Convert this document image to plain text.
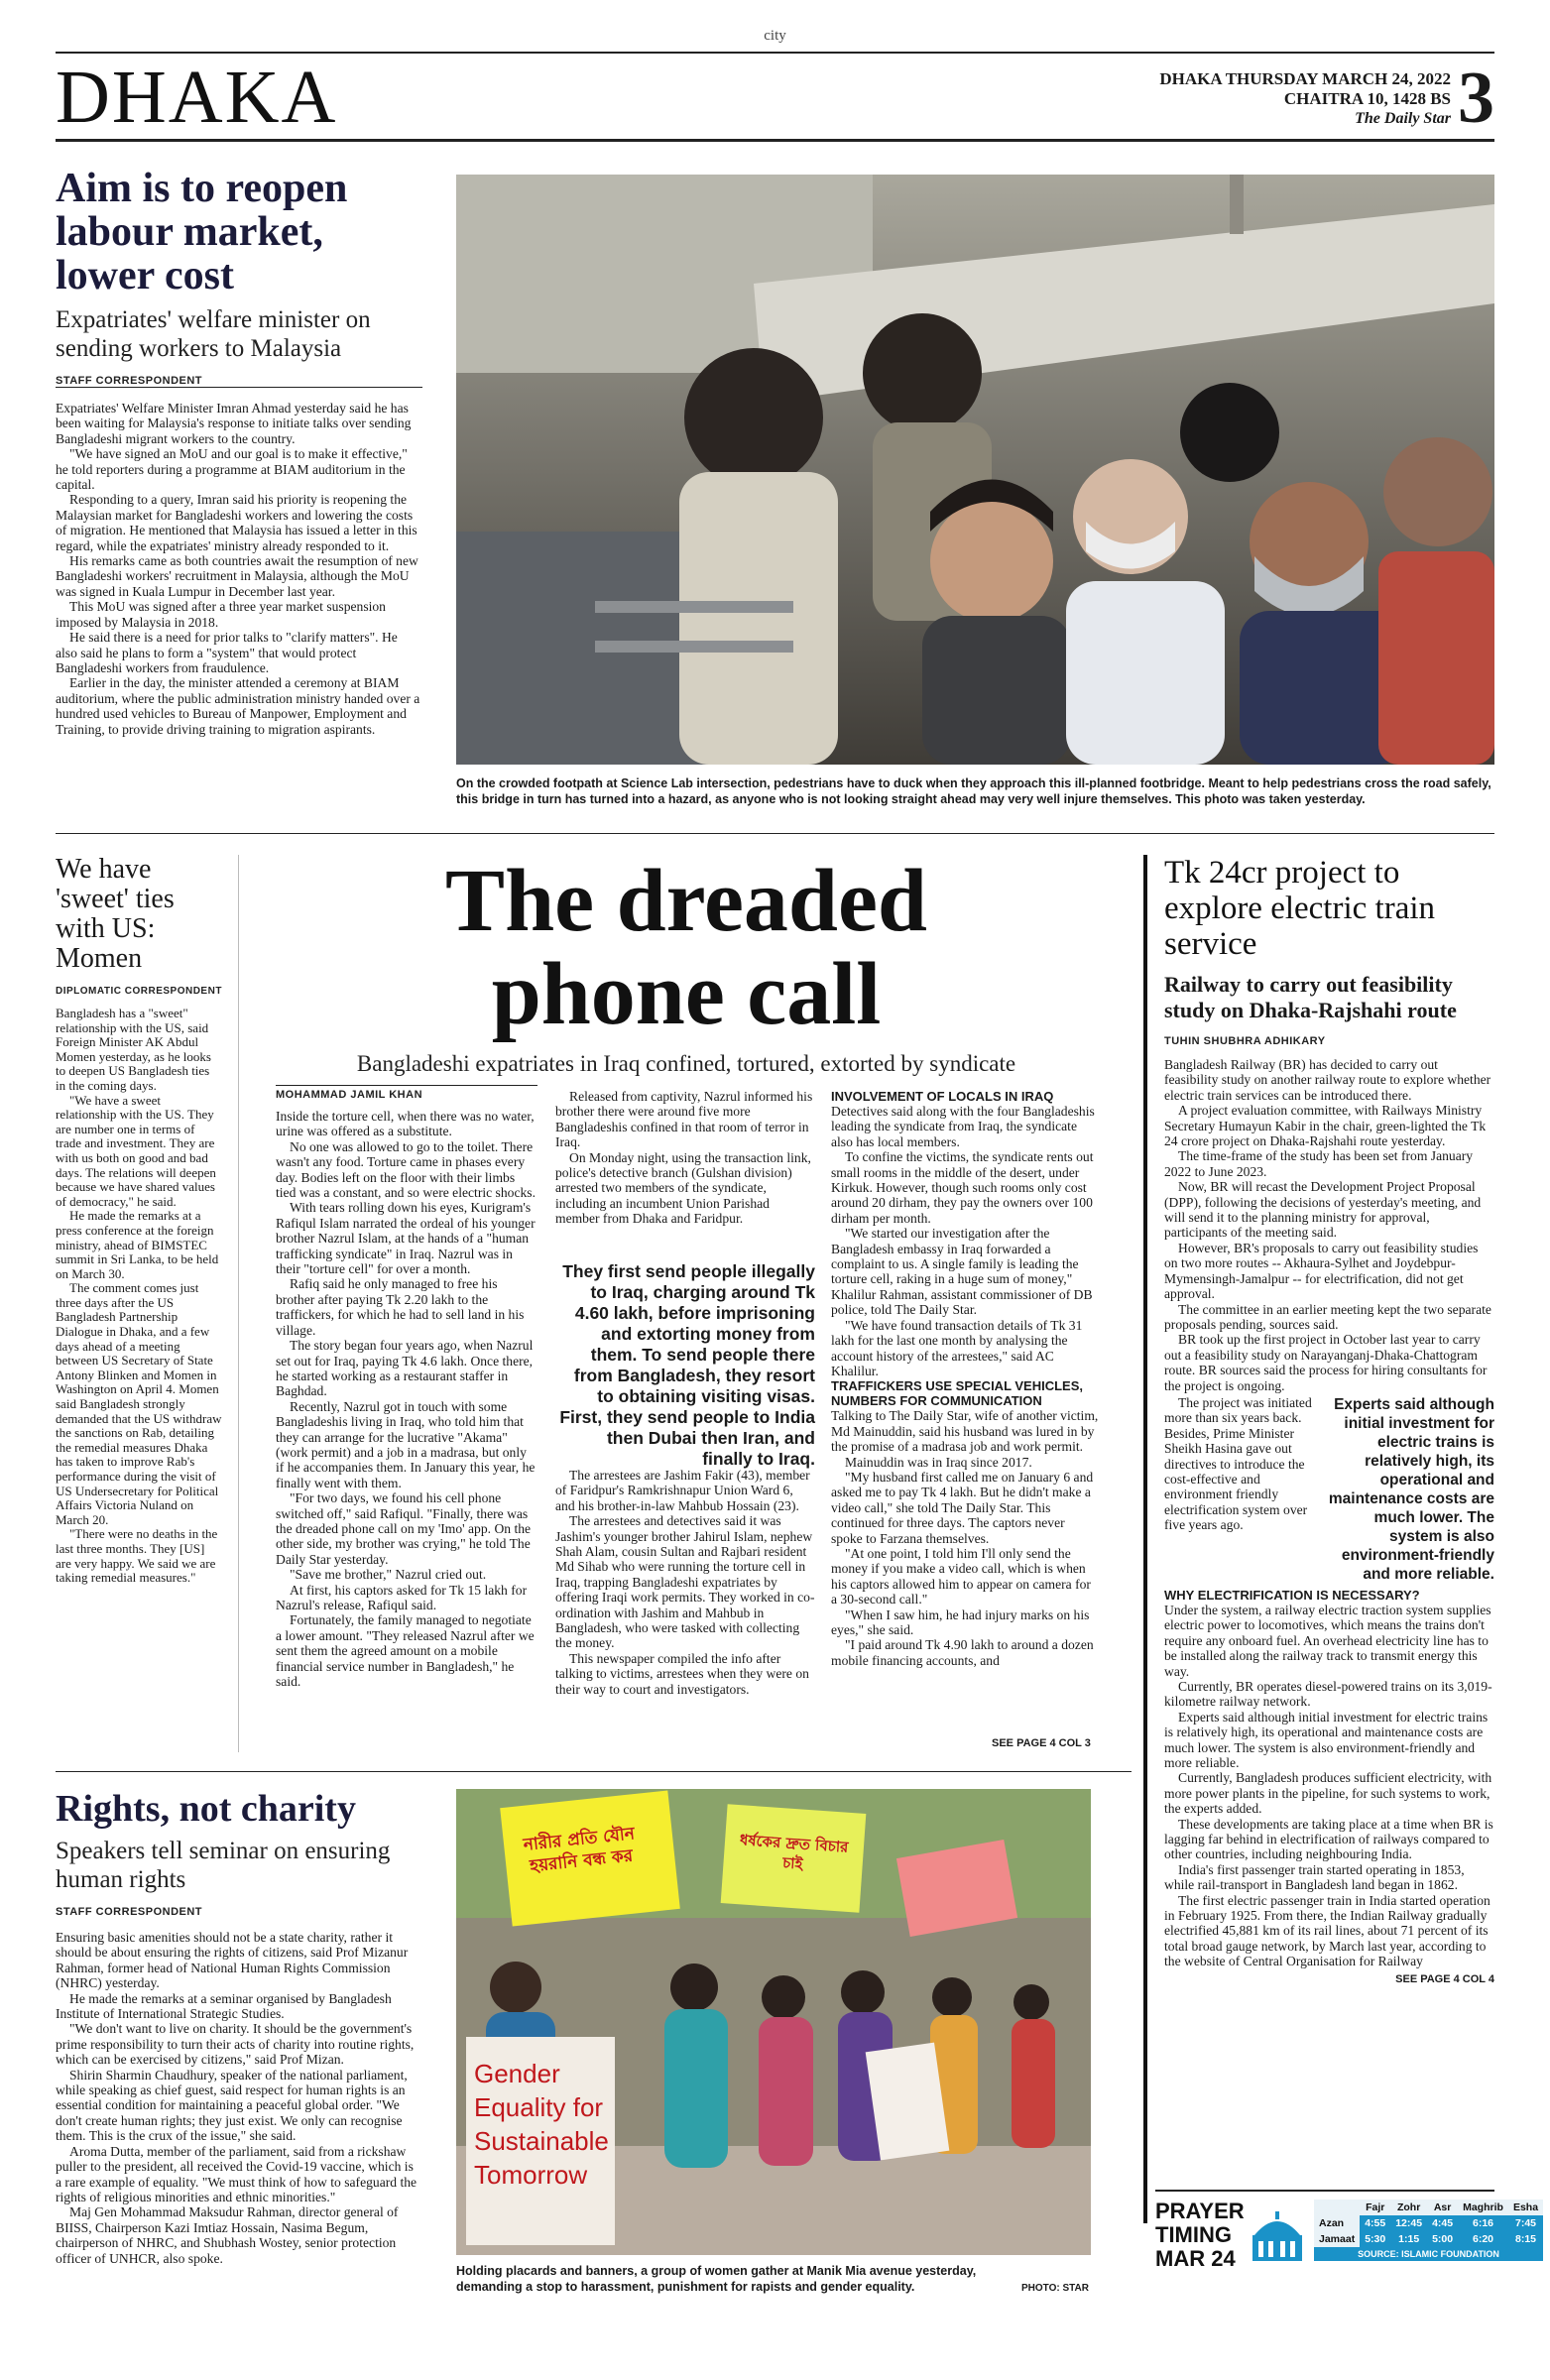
city
DHAKA	DHAKA THURSDAY MARCH 24, 2022
CHAITRA 10, 1428 BS
The Daily Star 3
Aim is to reopen labour market, lower cost
Expatriates' welfare minister on sending workers to Malaysia
STAFF CORRESPONDENT

Expatriates' Welfare Minister Imran Ahmad yesterday said he has been waiting for Malaysia's response to initiate talks over sending Bangladeshi migrant workers to the country.

"We have signed an MoU and our goal is to make it effective," he told reporters during a programme at BIAM auditorium in the capital.

Responding to a query, Imran said his priority is reopening the Malaysian market for Bangladeshi workers and lowering the costs of migration. He mentioned that Malaysia has issued a letter in this regard, while the expatriates' ministry already responded to it.

His remarks came as both countries await the resumption of new Bangladeshi workers' recruitment in Malaysia, although the MoU was signed in Kuala Lumpur in December last year.

This MoU was signed after a three year market suspension imposed by Malaysia in 2018.

He said there is a need for prior talks to "clarify matters". He also said he plans to form a "system" that would protect Bangladeshi workers from fraudulence.

Earlier in the day, the minister attended a ceremony at BIAM auditorium, where the public administration ministry handed over a hundred used vehicles to Bureau of Manpower, Employment and Training, to provide driving training to migration aspirants.

PHOTO: RASHED SHUMON
On the crowded footpath at Science Lab intersection, pedestrians have to duck when they approach this ill-planned footbridge. Meant to help pedestrians cross the road safely, this bridge in turn has turned into a hazard, as anyone who is not looking straight ahead may very well injure themselves. This photo was taken yesterday.
We have 'sweet' ties with US: Momen
DIPLOMATIC CORRESPONDENT

Bangladesh has a "sweet" relationship with the US, said Foreign Minister AK Abdul Momen yesterday, as he looks to deepen US Bangladesh ties in the coming days.

"We have a sweet relationship with the US. They are number one in terms of trade and investment. They are with us both on good and bad days. The relations will deepen because we have shared values of democracy," he said.

He made the remarks at a press conference at the foreign ministry, ahead of BIMSTEC summit in Sri Lanka, to be held on March 30.

The comment comes just three days after the US Bangladesh Partnership Dialogue in Dhaka, and a few days ahead of a meeting between US Secretary of State Antony Blinken and Momen in Washington on April 4. Momen said Bangladesh strongly demanded that the US withdraw the sanctions on Rab, detailing the remedial measures Dhaka has taken to improve Rab's performance during the visit of US Undersecretary for Political Affairs Victoria Nuland on March 20.

"There were no deaths in the last three months. They [US] are very happy. We said we are taking remedial measures."

The dreaded
phone call
Bangladeshi expatriates in Iraq confined, tortured, extorted by syndicate
MOHAMMAD JAMIL KHAN

Inside the torture cell, when there was no water, urine was offered as a substitute.

No one was allowed to go to the toilet. There wasn't any food. Torture came in phases every day. Bodies left on the floor with their limbs tied was a constant, and so were electric shocks.

With tears rolling down his eyes, Kurigram's Rafiqul Islam narrated the ordeal of his younger brother Nazrul Islam, at the hands of a "human trafficking syndicate" in Iraq. Nazrul was in their "torture cell" for over a month.

Rafiq said he only managed to free his brother after paying Tk 2.20 lakh to the traffickers, for which he had to sell land in his village.

The story began four years ago, when Nazrul set out for Iraq, paying Tk 4.6 lakh. Once there, he started working as a restaurant staffer in Baghdad.

Recently, Nazrul got in touch with some Bangladeshis living in Iraq, who told him that they can arrange for the lucrative "Akama" (work permit) and a job in a madrasa, but only if he accompanies them. In January this year, he finally went with them.

"For two days, we found his cell phone switched off," said Rafiqul. "Finally, there was the dreaded phone call on my 'Imo' app. On the other side, my brother was crying," he told The Daily Star yesterday.

"Save me brother," Nazrul cried out.

At first, his captors asked for Tk 15 lakh for Nazrul's release, Rafiqul said.

Fortunately, the family managed to negotiate a lower amount. "They released Nazrul after we sent them the agreed amount on a mobile financial service number in Bangladesh," he said.

Released from captivity, Nazrul informed his brother there were around five more Bangladeshis confined in that room of terror in Iraq.

On Monday night, using the transaction link, police's detective branch (Gulshan division) arrested two members of the syndicate, including an incumbent Union Parishad member from Dhaka and Faridpur.

They first send people illegally to Iraq, charging around Tk 4.60 lakh, before imprisoning and extorting money from them. To send people there from Bangladesh, they resort to obtaining visiting visas. First, they send people to India then Dubai then Iran, and finally to Iraq.

The arrestees are Jashim Fakir (43), member of Faridpur's Ramkrishnapur Union Ward 6, and his brother-in-law Mahbub Hossain (23).

The arrestees and detectives said it was Jashim's younger brother Jahirul Islam, nephew Shah Alam, cousin Sultan and Rajbari resident Md Sihab who were running the torture cell in Iraq, trapping Bangladeshi expatriates by offering Iraqi work permits. They worked in co-ordination with Jashim and Mahbub in Bangladesh, who were tasked with collecting the money.

This newspaper compiled the info after talking to victims, arrestees when they were on their way to court and investigators.

INVOLVEMENT OF LOCALS IN IRAQ

Detectives said along with the four Bangladeshis leading the syndicate from Iraq, the syndicate also has local members.

To confine the victims, the syndicate rents out small rooms in the middle of the desert, under Kirkuk. However, though such rooms only cost around 20 dirham, they pay the owners over 100 dirham per month.

"We started our investigation after the Bangladesh embassy in Iraq forwarded a complaint to us. A single family is leading the torture cell, raking in a huge sum of money," Khalilur Rahman, assistant commissioner of DB police, told The Daily Star.

"We have found transaction details of Tk 31 lakh for the last one month by analysing the account history of the arrestees," said AC Khalilur.

TRAFFICKERS USE SPECIAL VEHICLES, NUMBERS FOR COMMUNICATION

Talking to The Daily Star, wife of another victim, Md Mainuddin, said his husband was lured in by the promise of a madrasa job and work permit.

Mainuddin was in Iraq since 2017.

"My husband first called me on January 6 and asked me to pay Tk 4 lakh. But he didn't make a video call," she told The Daily Star. This continued for three days. The captors never spoke to Farzana themselves.

"At one point, I told him I'll only send the money if you make a video call, which is when his captors allowed him to appear on camera for a 30-second call."

"When I saw him, he had injury marks on his eyes," she said.

"I paid around Tk 4.90 lakh to around a dozen mobile financing accounts, and

SEE PAGE 4 COL 3
Tk 24cr project to explore electric train service
Railway to carry out feasibility study on Dhaka-Rajshahi route
TUHIN SHUBHRA ADHIKARY

Bangladesh Railway (BR) has decided to carry out feasibility study on another railway route to explore whether electric train services can be introduced there.

A project evaluation committee, with Railways Ministry Secretary Humayun Kabir in the chair, green-lighted the Tk 24 crore project on Dhaka-Rajshahi route yesterday.

The time-frame of the study has been set from January 2022 to June 2023.

Now, BR will recast the Development Project Proposal (DPP), following the decisions of yesterday's meeting, and will send it to the planning ministry for approval, participants of the meeting said.

However, BR's proposals to carry out feasibility studies on two more routes -- Akhaura-Sylhet and Joydebpur-Mymensingh-Jamalpur -- for electrification, did not get approval.

The committee in an earlier meeting kept the two separate proposals pending, sources said.

BR took up the first project in October last year to carry out a feasibility study on Narayanganj-Dhaka-Chattogram route. BR sources said the process for hiring consultants for the project is ongoing.

The project was initiated more than six years back. Besides, Prime Minister Sheikh Hasina gave out directives to introduce the cost-effective and environment friendly electrification system over five years ago.

Experts said although initial investment for electric trains is relatively high, its operational and maintenance costs are much lower. The system is also environment-friendly and more reliable.
WHY ELECTRIFICATION IS NECESSARY?

Under the system, a railway electric traction system supplies electric power to locomotives, which means the trains don't require any onboard fuel. An overhead electricity line has to be installed along the railway track to transmit energy this way.

Currently, BR operates diesel-powered trains on its 3,019-kilometre railway network.

Experts said although initial investment for electric trains is relatively high, its operational and maintenance costs are much lower. The system is also environment-friendly and more reliable.

Currently, Bangladesh produces sufficient electricity, with more power plants in the pipeline, for such systems to work, the experts added.

These developments are taking place at a time when BR is lagging far behind in electrification of railways compared to other countries, including neighbouring India.

India's first passenger train started operating in 1853, while rail-transport in Bangladesh land began in 1862.

The first electric passenger train in India started operation in February 1925. From there, the Indian Railway gradually electrified 45,881 km of its rail lines, about 71 percent of its total broad gauge network, by March last year, according to the website of Central Organisation for Railway

SEE PAGE 4 COL 4
PRAYER
TIMING
MAR 24
	Fajr	Zohr	Asr	Maghrib	Esha
Azan	4:55	12:45	4:45	6:16	7:45
Jamaat	5:30	1:15	5:00	6:20	8:15
SOURCE: ISLAMIC FOUNDATION					
Rights, not charity
Speakers tell seminar on ensuring human rights
STAFF CORRESPONDENT

Ensuring basic amenities should not be a state charity, rather it should be about ensuring the rights of citizens, said Prof Mizanur Rahman, former head of National Human Rights Commission (NHRC) yesterday.

He made the remarks at a seminar organised by Bangladesh Institute of International Strategic Studies.

"We don't want to live on charity. It should be the government's prime responsibility to turn their acts of charity into routine rights, which can be exercised by citizens," said Prof Mizan.

Shirin Sharmin Chaudhury, speaker of the national parliament, while speaking as chief guest, said respect for human rights is an essential condition for maintaining a peaceful global order. "We don't create human rights; they just exist. We only can recognise them. This is the crux of the issue," she said.

Aroma Dutta, member of the parliament, said from a rickshaw puller to the president, all received the Covid-19 vaccine, which is a rare example of equality. "We must think of how to safeguard the rights of religious minorities and ethnic minorities."

Maj Gen Mohammad Maksudur Rahman, director general of BIISS, Chairperson Kazi Imtiaz Hossain, Nasima Begum, chairperson of NHRC, and Shubhash Wostey, senior protection officer of UNHCR, also spoke.

নারীর প্রতি যৌন হয়রানি বন্ধ কর
ধর্ষকের দ্রুত বিচার চাই
Gender Equality for Sustainable Tomorrow
Holding placards and banners, a group of women gather at Manik Mia avenue yesterday, demanding a stop to harassment, punishment for rapists and gender equality.	PHOTO: STAR
